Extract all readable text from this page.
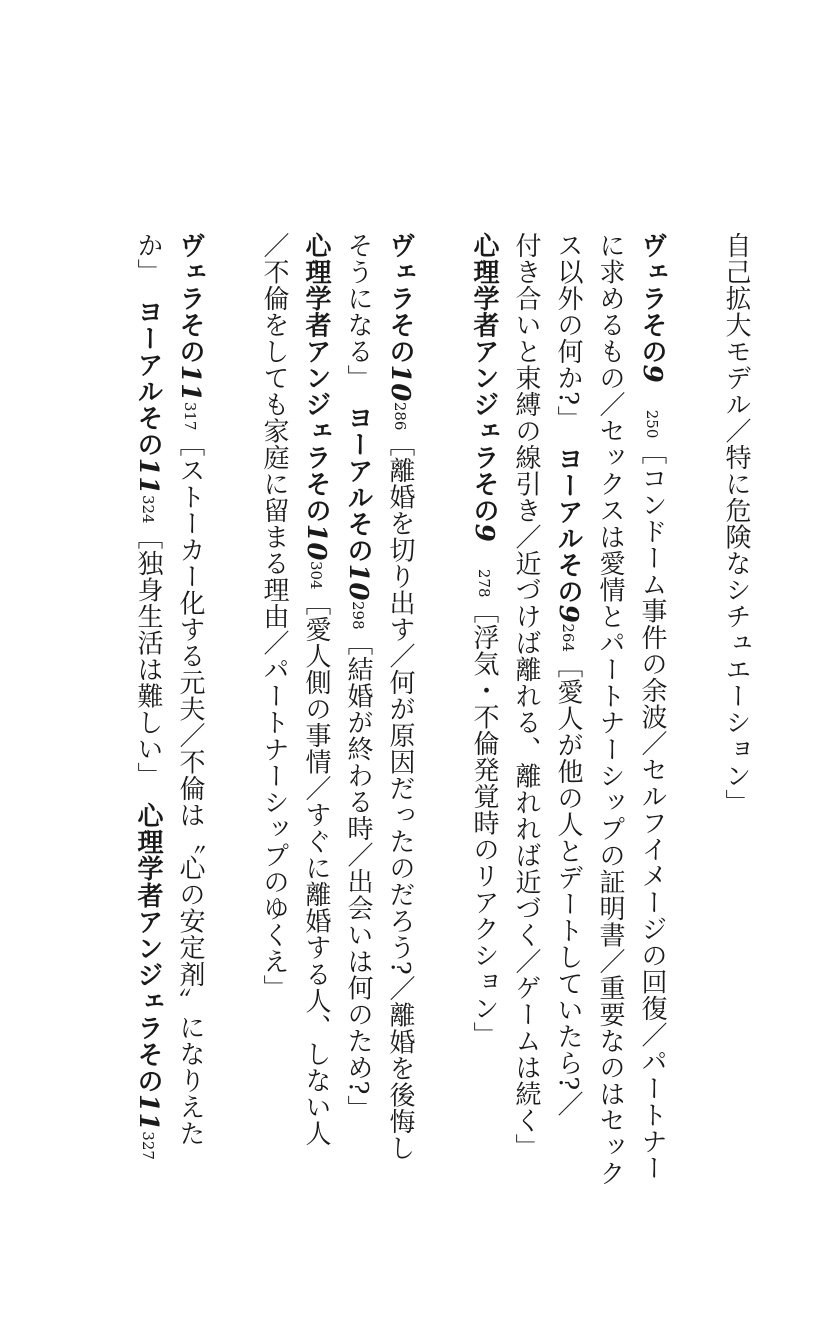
自己拡大モデル／特に危険なシチュエーション」
ヴェラその9　250［コンドーム事件の余波／セルフイメージの回復／パートナー
に求めるもの／セックスは愛情とパートナーシップの証明書／重要なのはセック
ス以外の何か?」　ヨーアルその9264［愛人が他の人とデートしていたら?／
付き合いと束縛の線引き／近づけば離れる、離れれば近づく／ゲームは続く」
心理学者アンジェラその9　278［浮気・不倫発覚時のリアクション」
ヴェラその10286［離婚を切り出す／何が原因だったのだろう?／離婚を後悔し
そうになる」　ヨーアルその10298［結婚が終わる時／出会いは何のため?」
心理学者アンジェラその10304［愛人側の事情／すぐに離婚する人、しない人
／不倫をしても家庭に留まる理由／パートナーシップのゆくえ」
ヴェラその11317［ストーカー化する元夫／不倫は〝心の安定剤〟になりえた
か」　ヨーアルその11324［独身生活は難しい」　心理学者アンジェラその11327
